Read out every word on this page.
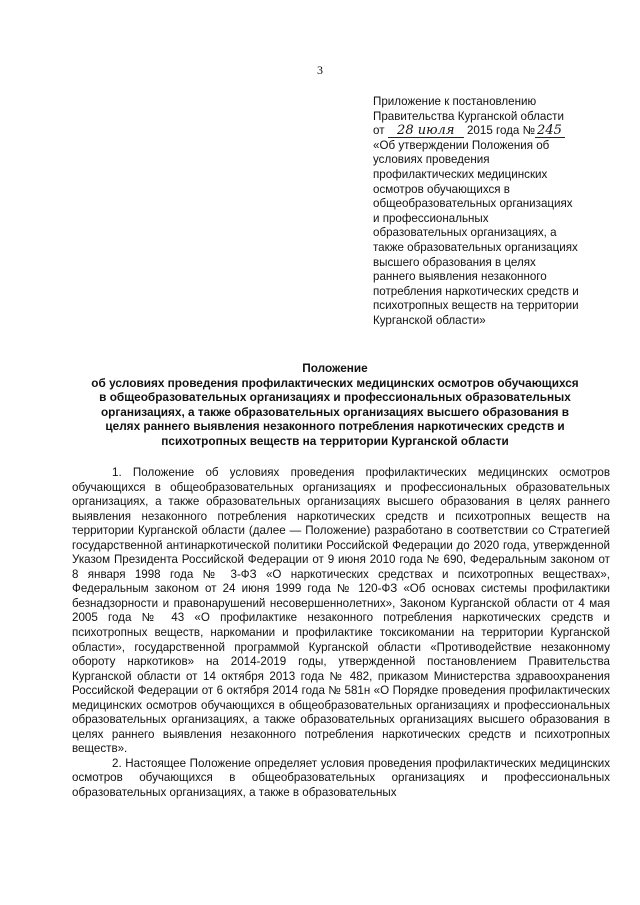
3
Приложение к постановлению
Правительства Курганской области
от 28 июля 2015 года № 245
«Об утверждении Положения об
условиях проведения
профилактических медицинских
осмотров обучающихся в
общеобразовательных организациях
и профессиональных
образовательных организациях, а
также образовательных организациях
высшего образования в целях
раннего выявления незаконного
потребления наркотических средств и
психотропных веществ на территории
Курганской области»
Положение
об условиях проведения профилактических медицинских осмотров обучающихся
в общеобразовательных организациях и профессиональных образовательных
организациях, а также образовательных организациях высшего образования в
целях раннего выявления незаконного потребления наркотических средств и
психотропных веществ на территории Курганской области

1. Положение об условиях проведения профилактических медицинских осмотров обучающихся в общеобразовательных организациях и профессиональных образовательных организациях, а также образовательных организациях высшего образования в целях раннего выявления незаконного потребления наркотических средств и психотропных веществ на территории Курганской области (далее — Положение) разработано в соответствии со Стратегией государственной антинаркотической политики Российской Федерации до 2020 года, утвержденной Указом Президента Российской Федерации от 9 июня 2010 года № 690, Федеральным законом от 8 января 1998 года № 3-ФЗ «О наркотических средствах и психотропных веществах», Федеральным законом от 24 июня 1999 года № 120-ФЗ «Об основах системы профилактики безнадзорности и правонарушений несовершеннолетних», Законом Курганской области от 4 мая 2005 года № 43 «О профилактике незаконного потребления наркотических средств и психотропных веществ, наркомании и профилактике токсикомании на территории Курганской области», государственной программой Курганской области «Противодействие незаконному обороту наркотиков» на 2014-2019 годы, утвержденной постановлением Правительства Курганской области от 14 октября 2013 года № 482, приказом Министерства здравоохранения Российской Федерации от 6 октября 2014 года № 581н «О Порядке проведения профилактических медицинских осмотров обучающихся в общеобразовательных организациях и профессиональных образовательных организациях, а также образовательных организациях высшего образования в целях раннего выявления незаконного потребления наркотических средств и психотропных веществ».

2. Настоящее Положение определяет условия проведения профилактических медицинских осмотров обучающихся в общеобразовательных организациях и профессиональных образовательных организациях, а также в образовательных
